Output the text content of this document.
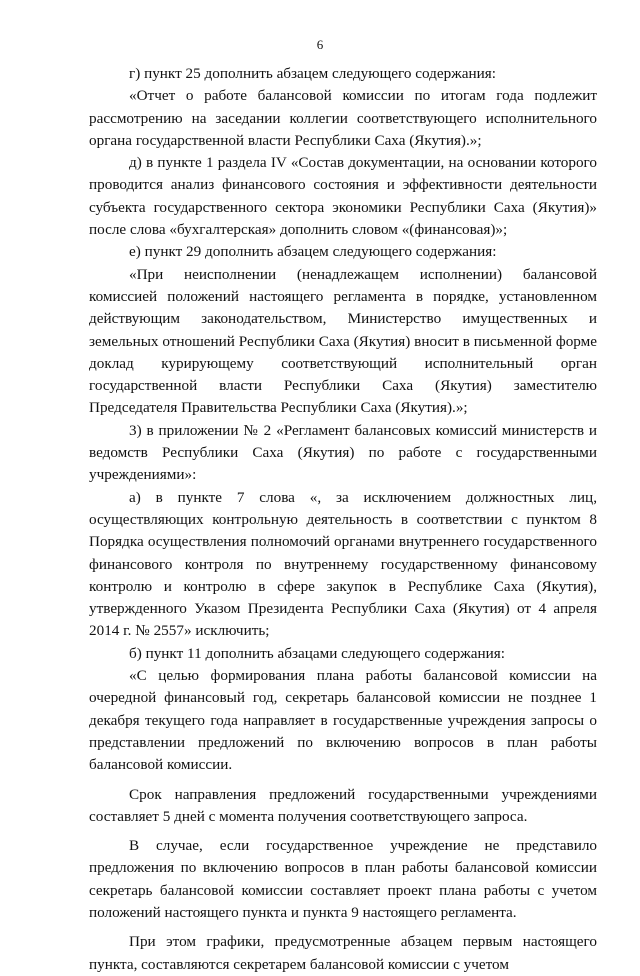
6

г) пункт 25 дополнить абзацем следующего содержания:

«Отчет о работе балансовой комиссии по итогам года подлежит рассмотрению на заседании коллегии соответствующего исполнительного органа государственной власти Республики Саха (Якутия).»;

д) в пункте 1 раздела IV «Состав документации, на основании которого проводится анализ финансового состояния и эффективности деятельности субъекта государственного сектора экономики Республики Саха (Якутия)» после слова «бухгалтерская» дополнить словом «(финансовая)»;

е) пункт 29 дополнить абзацем следующего содержания:

«При неисполнении (ненадлежащем исполнении) балансовой комиссией положений настоящего регламента в порядке, установленном действующим законодательством, Министерство имущественных и земельных отношений Республики Саха (Якутия) вносит в письменной форме доклад курирующему соответствующий исполнительный орган государственной власти Республики Саха (Якутия) заместителю Председателя Правительства Республики Саха (Якутия).»;

3) в приложении № 2 «Регламент балансовых комиссий министерств и ведомств Республики Саха (Якутия) по работе с государственными учреждениями»:

а) в пункте 7 слова «, за исключением должностных лиц, осуществляющих контрольную деятельность в соответствии с пунктом 8 Порядка осуществления полномочий органами внутреннего государственного финансового контроля по внутреннему государственному финансовому контролю и контролю в сфере закупок в Республике Саха (Якутия), утвержденного Указом Президента Республики Саха (Якутия) от 4 апреля 2014 г. № 2557» исключить;

б) пункт 11 дополнить абзацами следующего содержания:

«С целью формирования плана работы балансовой комиссии на очередной финансовый год, секретарь балансовой комиссии не позднее 1 декабря текущего года направляет в государственные учреждения запросы о представлении предложений по включению вопросов в план работы балансовой комиссии.

Срок направления предложений государственными учреждениями составляет 5 дней с момента получения соответствующего запроса.

В случае, если государственное учреждение не представило предложения по включению вопросов в план работы балансовой комиссии секретарь балансовой комиссии составляет проект плана работы с учетом положений настоящего пункта и пункта 9 настоящего регламента.

При этом графики, предусмотренные абзацем первым настоящего пункта, составляются секретарем балансовой комиссии с учетом
